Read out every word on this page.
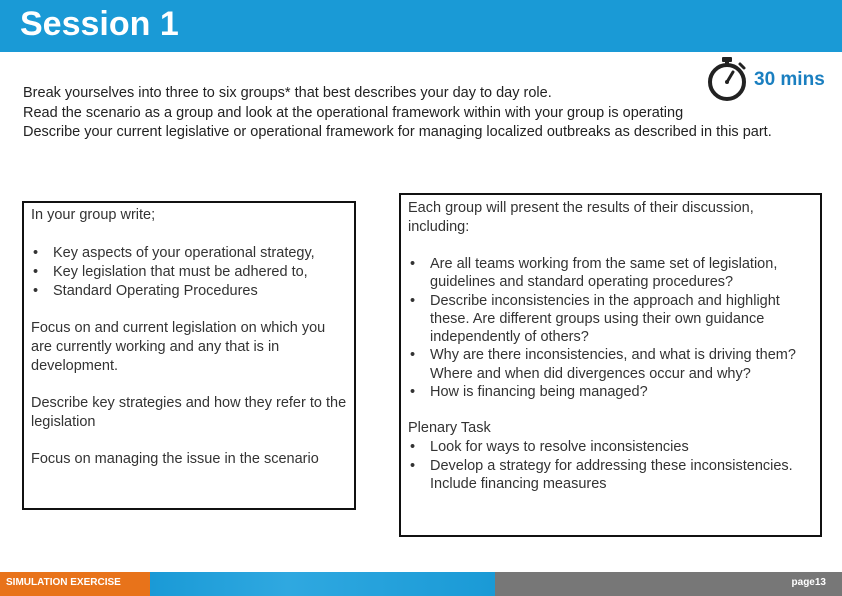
Session 1
30 mins

Break yourselves into three to six groups* that best describes your day to day role.

Read the scenario as a group and look at the operational framework within with your group is operating

Describe your current legislative or operational framework for managing localized outbreaks as described in this part.

In your group write;

• Key aspects of your operational strategy,
• Key legislation that must be adhered to,
• Standard Operating Procedures

Focus on and current legislation on which you are currently working and any that is in development.

Describe key strategies and how they refer to the legislation

Focus on managing the issue in the scenario

Each group will present the results of their discussion, including:

• Are all teams working from the same set of legislation, guidelines and standard operating procedures?
• Describe inconsistencies in the approach and highlight these. Are different groups using their own guidance independently of others?
• Why are there inconsistencies, and what is driving them? Where and when did divergences occur and why?
• How is financing being managed?

Plenary Task

• Look for ways to resolve inconsistencies
• Develop a strategy for addressing these inconsistencies. Include financing measures
SIMULATION EXERCISE	page13
